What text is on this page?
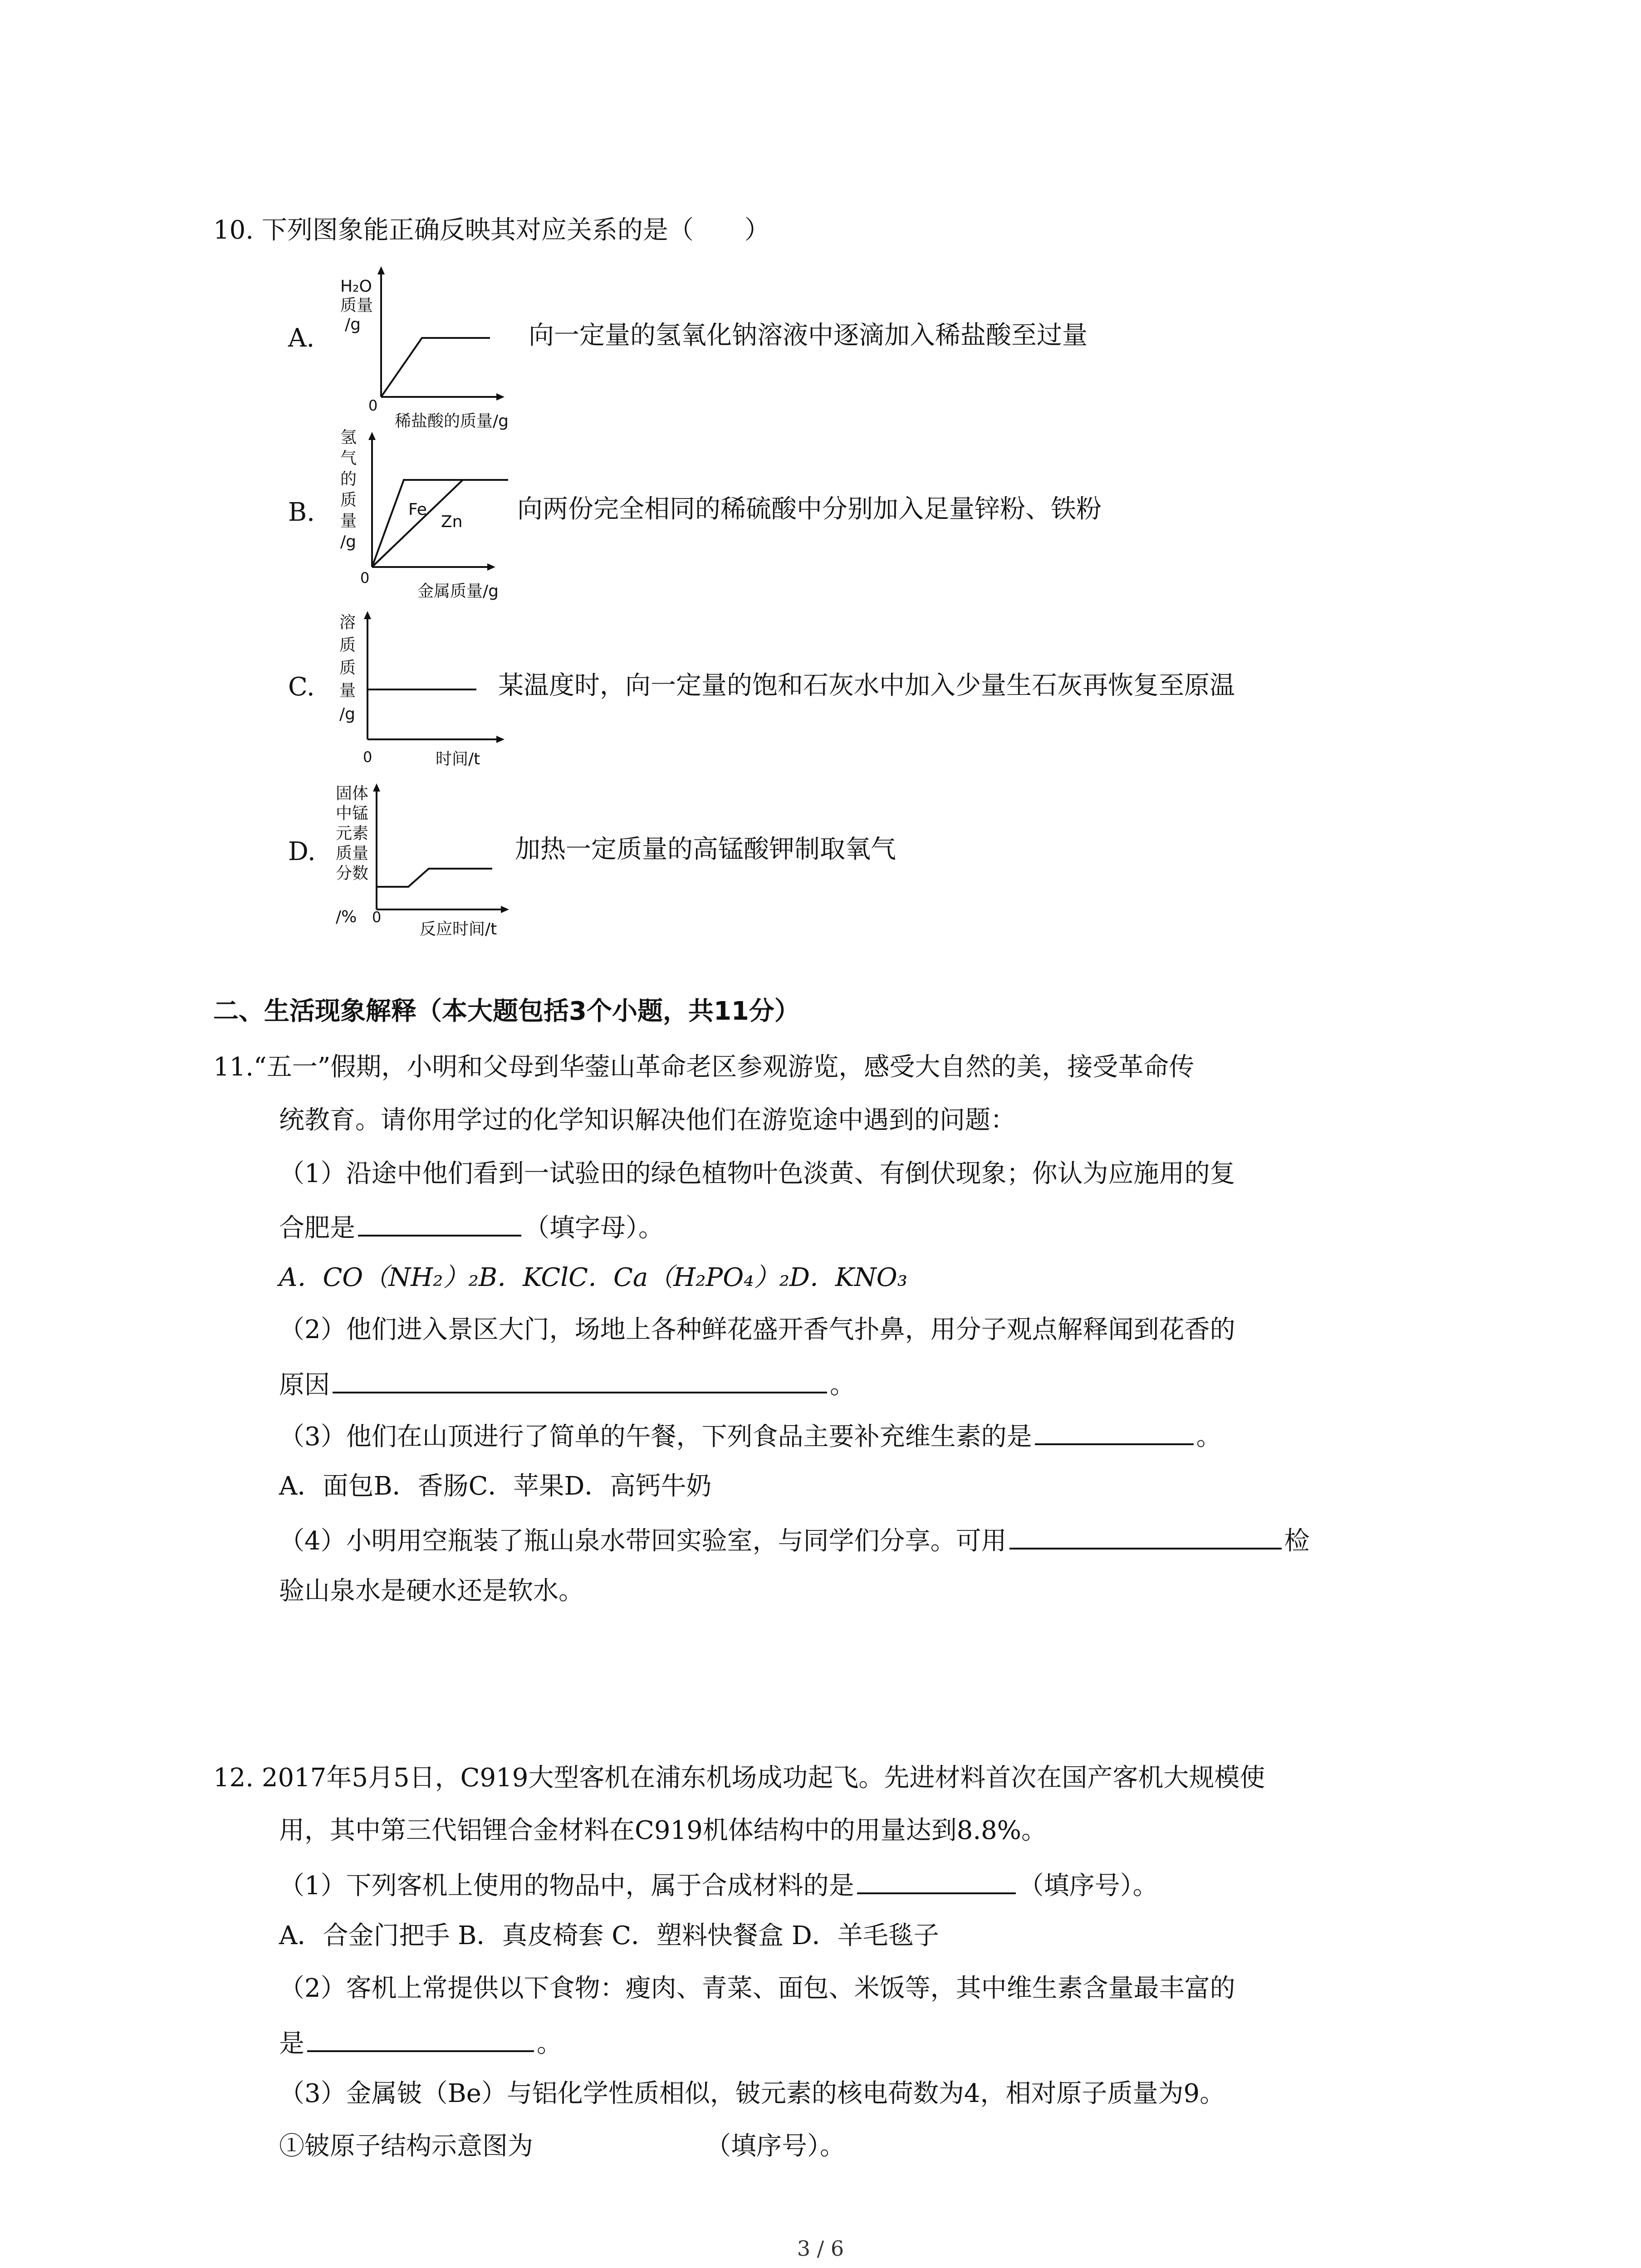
10. 下列图象能正确反映其对应关系的是（　　）
A.
H₂O
质量
/g
0
稀盐酸的质量/g
向一定量的氢氧化钠溶液中逐滴加入稀盐酸至过量
B.	Fe
Zn
氢
气
的
质
量
/g
0
金属质量/g
向两份完全相同的稀硫酸中分别加入足量锌粉、铁粉
C.
溶
质
质
量
/g
0	时间/t
某温度时，向一定量的饱和石灰水中加入少量生石灰再恢复至原温
D.
固体
中锰
元素
质量
分数
/% 0
反应时间/t
加热一定质量的高锰酸钾制取氧气
二、生活现象解释（本大题包括3个小题，共11分）
11.“五一”假期，小明和父母到华蓥山革命老区参观游览，感受大自然的美，接受革命传
统教育。请你用学过的化学知识解决他们在游览途中遇到的问题：
（1）沿途中他们看到一试验田的绿色植物叶色淡黄、有倒伏现象；你认为应施用的复
合肥是	（填字母）。
A．CO（NH₂）₂B．KClC．Ca（H₂PO₄）₂D．KNO₃
（2）他们进入景区大门，场地上各种鲜花盛开香气扑鼻，用分子观点解释闻到花香的
原因	。
（3）他们在山顶进行了简单的午餐，下列食品主要补充维生素的是	。
A．面包B．香肠C．苹果D．高钙牛奶
（4）小明用空瓶装了瓶山泉水带回实验室，与同学们分享。可用	检
验山泉水是硬水还是软水。
12. 2017年5月5日，C919大型客机在浦东机场成功起飞。先进材料首次在国产客机大规模使
用，其中第三代铝锂合金材料在C919机体结构中的用量达到8.8%。
（1）下列客机上使用的物品中，属于合成材料的是	（填序号）。
A．合金门把手 B．真皮椅套 C．塑料快餐盒 D．羊毛毯子
（2）客机上常提供以下食物：瘦肉、青菜、面包、米饭等，其中维生素含量最丰富的
是	。
（3）金属铍（Be）与铝化学性质相似，铍元素的核电荷数为4，相对原子质量为9。
①铍原子结构示意图为	（填序号）。
3 / 6
